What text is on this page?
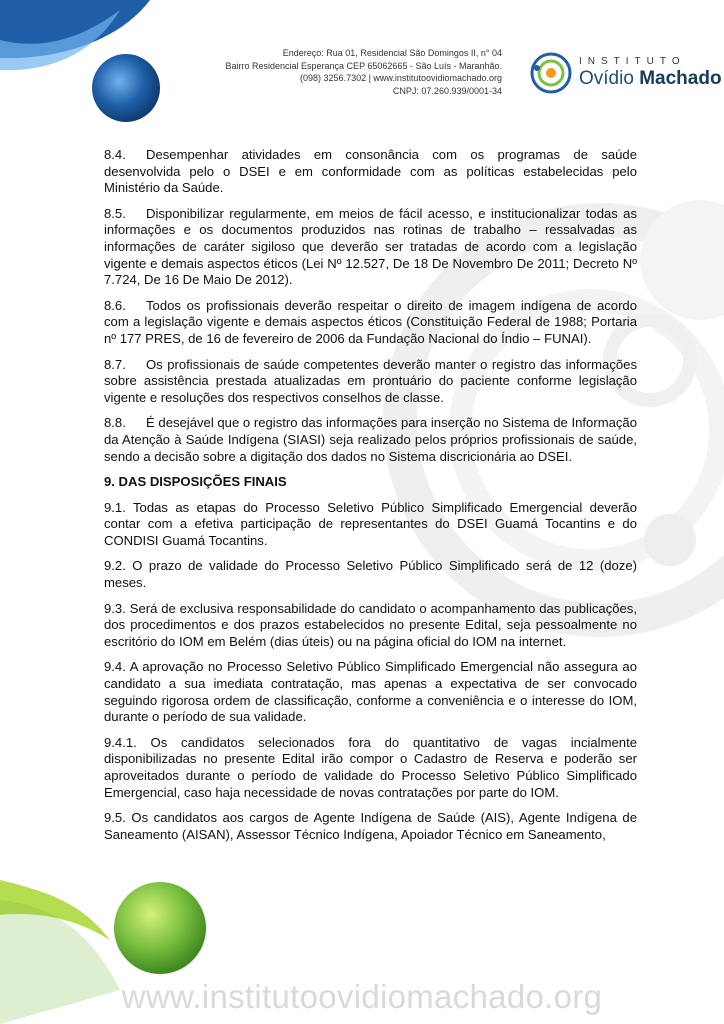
Endereço: Rua 01, Residencial São Domingos II, n° 04
Bairro Residencial Esperança CEP 65062665 - São Luís - Maranhão.
(098) 3256.7302 | www.institutoovidiomachado.org
CNPJ: 07.260.939/0001-34
INSTITUTO
Ovídio Machado

8.4. Desempenhar atividades em consonância com os programas de saúde desenvolvida pelo o DSEI e em conformidade com as políticas estabelecidas pelo Ministério da Saúde.

8.5. Disponibilizar regularmente, em meios de fácil acesso, e institucionalizar todas as informações e os documentos produzidos nas rotinas de trabalho – ressalvadas as informações de caráter sigiloso que deverão ser tratadas de acordo com a legislação vigente e demais aspectos éticos (Lei Nº 12.527, De 18 De Novembro De 2011; Decreto Nº 7.724, De 16 De Maio De 2012).

8.6. Todos os profissionais deverão respeitar o direito de imagem indígena de acordo com a legislação vigente e demais aspectos éticos (Constituição Federal de 1988; Portaria nº 177 PRES, de 16 de fevereiro de 2006 da Fundação Nacional do Índio – FUNAI).

8.7. Os profissionais de saúde competentes deverão manter o registro das informações sobre assistência prestada atualizadas em prontuário do paciente conforme legislação vigente e resoluções dos respectivos conselhos de classe.

8.8. É desejável que o registro das informações para inserção no Sistema de Informação da Atenção à Saúde Indígena (SIASI) seja realizado pelos próprios profissionais de saúde, sendo a decisão sobre a digitação dos dados no Sistema discricionária ao DSEI.

9. DAS DISPOSIÇÕES FINAIS

9.1. Todas as etapas do Processo Seletivo Público Simplificado Emergencial deverão contar com a efetiva participação de representantes do DSEI Guamá Tocantins e do CONDISI Guamá Tocantins.

9.2. O prazo de validade do Processo Seletivo Público Simplificado será de 12 (doze) meses.

9.3. Será de exclusiva responsabilidade do candidato o acompanhamento das publicações, dos procedimentos e dos prazos estabelecidos no presente Edital, seja pessoalmente no escritório do IOM em Belém (dias úteis) ou na página oficial do IOM na internet.

9.4. A aprovação no Processo Seletivo Público Simplificado Emergencial não assegura ao candidato a sua imediata contratação, mas apenas a expectativa de ser convocado seguindo rigorosa ordem de classificação, conforme a conveniência e o interesse do IOM, durante o período de sua validade.

9.4.1. Os candidatos selecionados fora do quantitativo de vagas incialmente disponibilizadas no presente Edital irão compor o Cadastro de Reserva e poderão ser aproveitados durante o período de validade do Processo Seletivo Público Simplificado Emergencial, caso haja necessidade de novas contratações por parte do IOM.

9.5. Os candidatos aos cargos de Agente Indígena de Saúde (AIS), Agente Indígena de Saneamento (AISAN), Assessor Técnico Indígena, Apoiador Técnico em Saneamento,

www.institutoovidiomachado.org
